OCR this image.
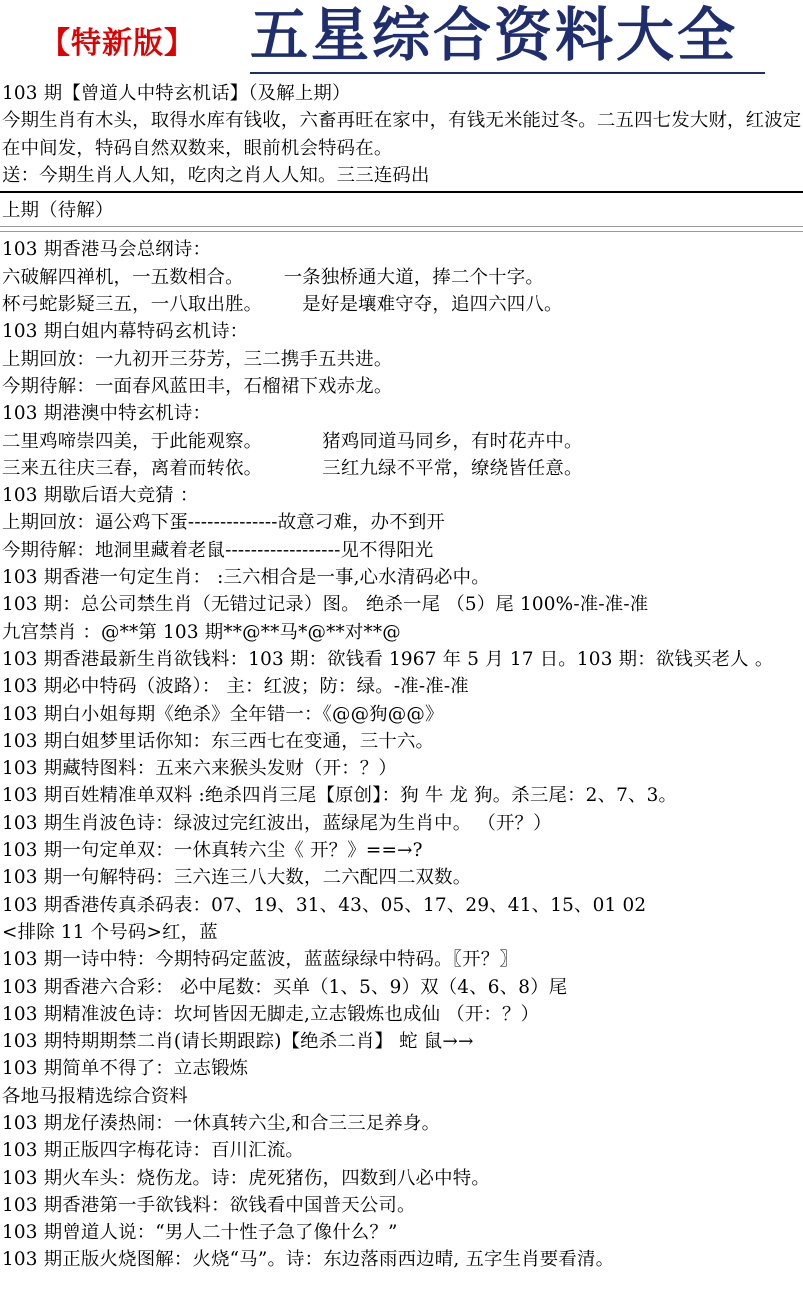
【特新版】 五星综合资料大全
103 期【曾道人中特玄机话】（及解上期）
今期生肖有木头，取得水库有钱收，六畜再旺在家中，有钱无米能过冬。二五四七发大财，红波定在中间发，特码自然双数来，眼前机会特码在。
送：今期生肖人人知，吃肉之肖人人知。三三连码出
上期（待解）
103 期香港马会总纲诗：
六破解四禅机，一五数相合。 一条独桥通大道，捧二个十字。
杯弓蛇影疑三五，一八取出胜。 是好是壤难守夺，追四六四八。
103 期白姐内幕特码玄机诗：
上期回放：一九初开三芬芳，三二携手五共进。
今期待解：一面春风蓝田丰，石榴裙下戏赤龙。
103 期港澳中特玄机诗：
二里鸡啼崇四美，于此能观察。	猪鸡同道马同乡，有时花卉中。
三来五往庆三春，离着而转依。	三红九绿不平常，缭绕皆任意。
103 期歇后语大竞猜 ：
上期回放：逼公鸡下蛋--------------故意刁难，办不到开
今期待解：地洞里藏着老鼠------------------见不得阳光
103 期香港一句定生肖： :三六相合是一事,心水清码必中。
103 期：总公司禁生肖（无错过记录）图。 绝杀一尾 （5）尾 100%-准-准-准
九宫禁肖 ：@**第 103 期**@**马*@**对**@
103 期香港最新生肖欲钱料：103 期：欲钱看 1967 年 5 月 17 日。103 期：欲钱买老人 。
103 期必中特码（波路）： 主：红波；防：绿。-准-准-准
103 期白小姐每期《绝杀》全年错一：《@@狗@@》
103 期白姐梦里话你知：东三西七在变通，三十六。
103 期藏特图料：五来六来猴头发财（开：？）
103 期百姓精准单双料 :绝杀四肖三尾【原创】：狗 牛 龙 狗。杀三尾：2、7、3。
103 期生肖波色诗：绿波过完红波出，蓝绿尾为生肖中。 （开？）
103 期一句定单双：一休真转六尘《 开？》==→?
103 期一句解特码：三六连三八大数，二六配四二双数。
103 期香港传真杀码表：07、19、31、43、05、17、29、41、15、01 02
<排除 11 个号码>红，蓝
103 期一诗中特：今期特码定蓝波，蓝蓝绿绿中特码。〖开？〗
103 期香港六合彩： 必中尾数：买单（1、5、9）双（4、6、8）尾
103 期精准波色诗：坎坷皆因无脚走,立志锻炼也成仙 （开：？）
103 期特期期禁二肖(请长期跟踪)【绝杀二肖】 蛇 鼠→→
103 期简单不得了：立志锻炼
各地马报精选综合资料
103 期龙仔湊热闹：一休真转六尘,和合三三足养身。
103 期正版四字梅花诗：百川汇流。
103 期火车头：烧伤龙。诗：虎死猪伤，四数到八必中特。
103 期香港第一手欲钱料：欲钱看中国普天公司。
103 期曾道人说：“男人二十性子急了像什么？”
103 期正版火烧图解：火烧“马”。诗：东边落雨西边晴, 五字生肖要看清。
